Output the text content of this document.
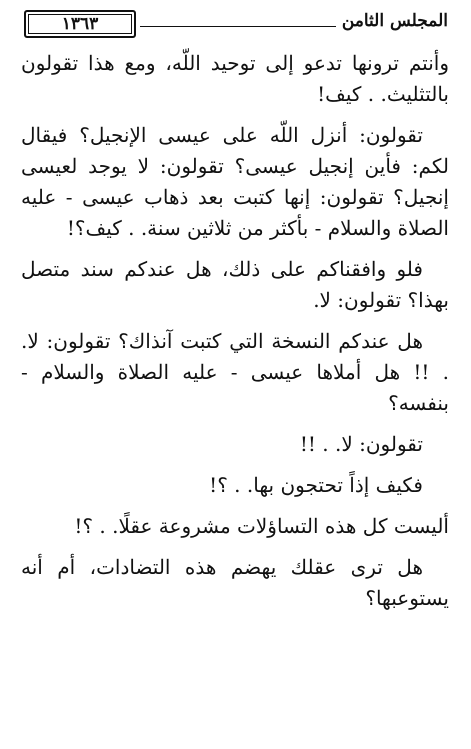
المجلس الثامن
١٣٦٣

وأنتم ترونها تدعو إلى توحيد اللّه، ومع هذا تقولون بالتثليث. . كيف!

تقولون: أنزل اللّه على عيسى الإنجيل؟ فيقال لكم: فأين إنجيل عيسى؟ تقولون: لا يوجد لعيسى إنجيل؟ تقولون: إنها كتبت بعد ذهاب عيسى - عليه الصلاة والسلام - بأكثر من ثلاثين سنة. . كيف؟!

فلو وافقناكم على ذلك، هل عندكم سند متصل بهذا؟ تقولون: لا.

هل عندكم النسخة التي كتبت آنذاك؟ تقولون: لا. . !! هل أملاها عيسى - عليه الصلاة والسلام - بنفسه؟

تقولون: لا. . !!

فكيف إذاً تحتجون بها. . ؟!

أليست كل هذه التساؤلات مشروعة عقلًا. . ؟!

هل ترى عقلك يهضم هذه التضادات، أم أنه يستوعبها؟
